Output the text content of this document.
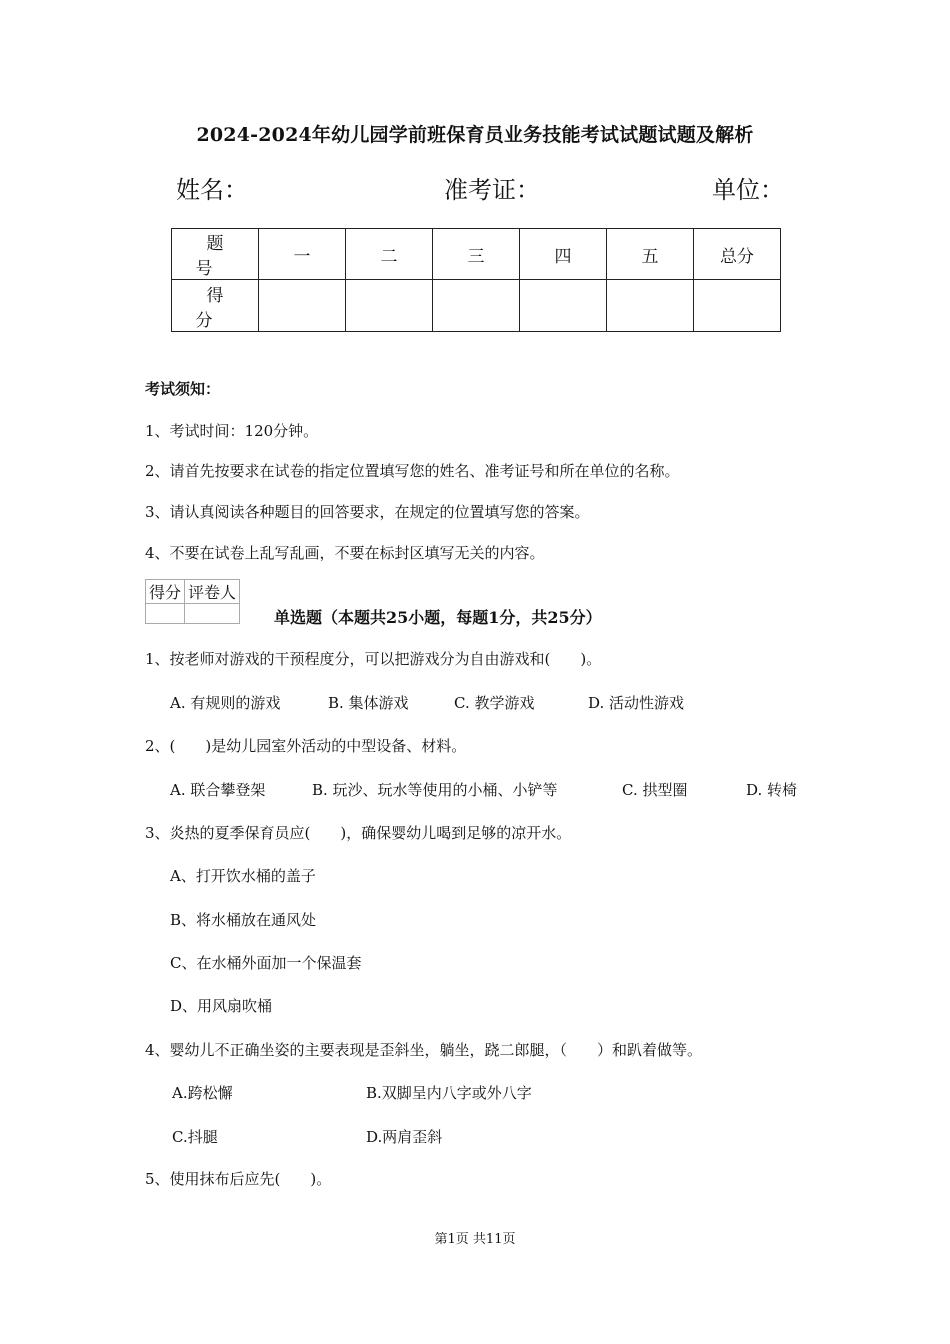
2024-2024年幼儿园学前班保育员业务技能考试试题试题及解析
姓名：	准考证：	单位：
题 号	一	二	三	四	五	总分
得 分						
考试须知：
1、考试时间：120分钟。
2、请首先按要求在试卷的指定位置填写您的姓名、准考证号和所在单位的名称。
3、请认真阅读各种题目的回答要求，在规定的位置填写您的答案。
4、不要在试卷上乱写乱画，不要在标封区填写无关的内容。
得分	评卷人

单选题（本题共25小题，每题1分，共25分）
1、按老师对游戏的干预程度分，可以把游戏分为自由游戏和(　　)。
A. 有规则的游戏	B. 集体游戏	C. 教学游戏	D. 活动性游戏
2、(　　)是幼儿园室外活动的中型设备、材料。
A. 联合攀登架	B. 玩沙、玩水等使用的小桶、小铲等	C. 拱型圈	D. 转椅
3、炎热的夏季保育员应(　　)，确保婴幼儿喝到足够的凉开水。
A、打开饮水桶的盖子
B、将水桶放在通风处
C、在水桶外面加一个保温套
D、用风扇吹桶
4、婴幼儿不正确坐姿的主要表现是歪斜坐，躺坐，跷二郎腿，（　　）和趴着做等。
A.跨松懈	B.双脚呈内八字或外八字
C.抖腿	D.两肩歪斜
5、使用抹布后应先(　　)。
第1页 共11页
